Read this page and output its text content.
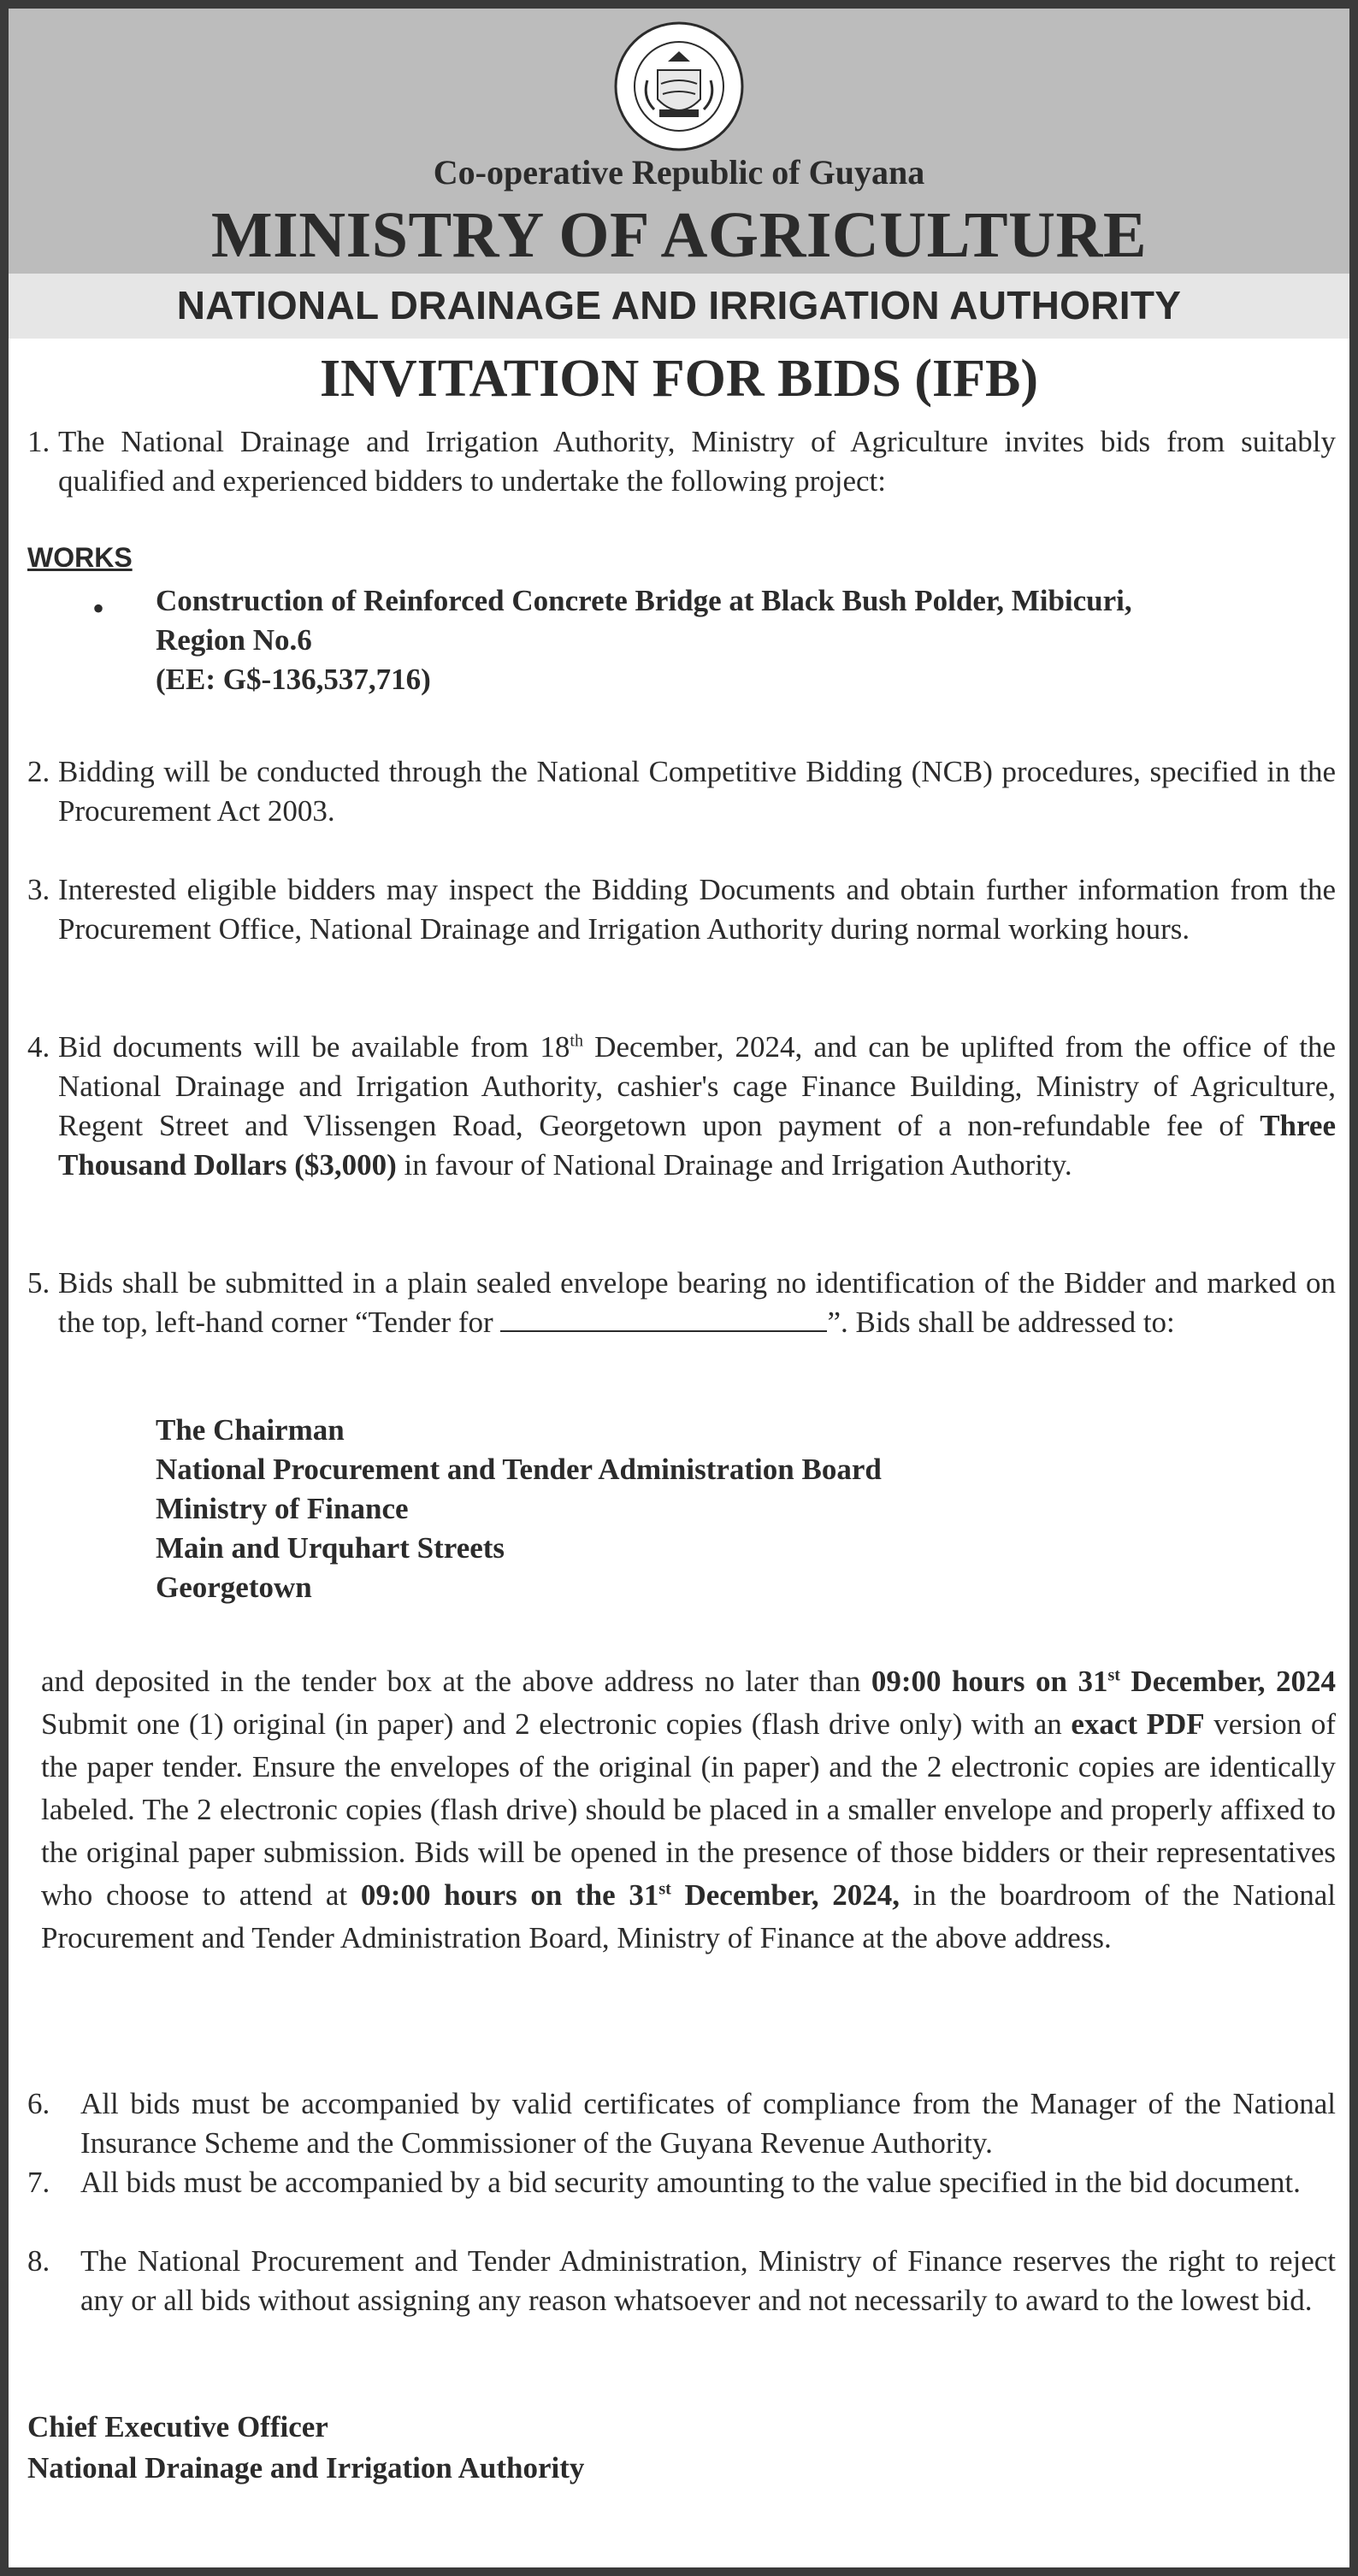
Co-operative Republic of Guyana
MINISTRY OF AGRICULTURE
NATIONAL DRAINAGE AND IRRIGATION AUTHORITY
INVITATION FOR BIDS (IFB)
1. The National Drainage and Irrigation Authority, Ministry of Agriculture invites bids from suitably qualified and experienced bidders to undertake the following project:
WORKS
• Construction of Reinforced Concrete Bridge at Black Bush Polder, Mibicuri,
Region No.6
(EE: G$-136,537,716)
2. Bidding will be conducted through the National Competitive Bidding (NCB) procedures, specified in the Procurement Act 2003.
3. Interested eligible bidders may inspect the Bidding Documents and obtain further information from the Procurement Office, National Drainage and Irrigation Authority during normal working hours.
4. Bid documents will be available from 18th December, 2024, and can be uplifted from the office of the National Drainage and Irrigation Authority, cashier's cage Finance Building, Ministry of Agriculture, Regent Street and Vlissengen Road, Georgetown upon payment of a non-refundable fee of Three Thousand Dollars ($3,000) in favour of National Drainage and Irrigation Authority.
5. Bids shall be submitted in a plain sealed envelope bearing no identification of the Bidder and marked on the top, left-hand corner “Tender for	”. Bids shall be addressed to:
The Chairman
National Procurement and Tender Administration Board
Ministry of Finance
Main and Urquhart Streets
Georgetown
and deposited in the tender box at the above address no later than 09:00 hours on 31st December, 2024 Submit one (1) original (in paper) and 2 electronic copies (flash drive only) with an exact PDF version of the paper tender. Ensure the envelopes of the original (in paper) and the 2 electronic copies are identically labeled. The 2 electronic copies (flash drive) should be placed in a smaller envelope and properly affixed to the original paper submission. Bids will be opened in the presence of those bidders or their representatives who choose to attend at 09:00 hours on the 31st December, 2024, in the boardroom of the National Procurement and Tender Administration Board, Ministry of Finance at the above address.
6. All bids must be accompanied by valid certificates of compliance from the Manager of the National Insurance Scheme and the Commissioner of the Guyana Revenue Authority.
7. All bids must be accompanied by a bid security amounting to the value specified in the bid document.
8. The National Procurement and Tender Administration, Ministry of Finance reserves the right to reject any or all bids without assigning any reason whatsoever and not necessarily to award to the lowest bid.
Chief Executive Officer
National Drainage and Irrigation Authority
